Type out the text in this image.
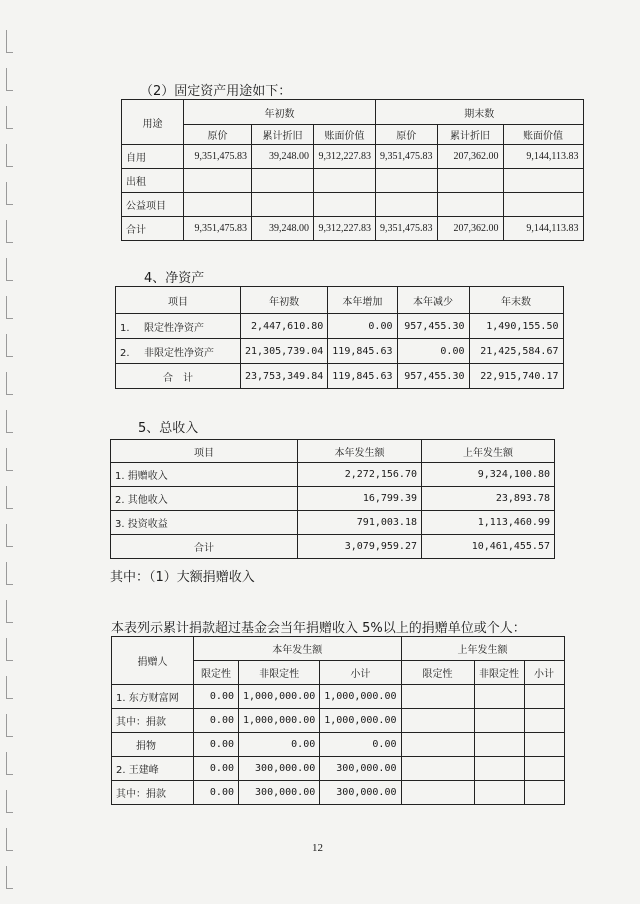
（2）固定资产用途如下：
用途	年初数			期末数		
	原价	累计折旧	账面价值	原价	累计折旧	账面价值
自用	9,351,475.83	39,248.00	9,312,227.83	9,351,475.83	207,362.00	9,144,113.83
出租						
公益项目						
合计	9,351,475.83	39,248.00	9,312,227.83	9,351,475.83	207,362.00	9,144,113.83
4、净资产
项目	年初数	本年增加	本年减少	年末数
1. 限定性净资产	2,447,610.80	0.00	957,455.30	1,490,155.50
2. 非限定性净资产	21,305,739.04	119,845.63	0.00	21,425,584.67
合　计	23,753,349.84	119,845.63	957,455.30	22,915,740.17
5、总收入
项目	本年发生额	上年发生额
1. 捐赠收入	2,272,156.70	9,324,100.80
2. 其他收入	16,799.39	23,893.78
3. 投资收益	791,003.18	1,113,460.99
合计	3,079,959.27	10,461,455.57
其中：（1）大额捐赠收入
本表列示累计捐款超过基金会当年捐赠收入 5%以上的捐赠单位或个人：
捐赠人	本年发生额			上年发生额		
	限定性	非限定性	小计	限定性	非限定性	小计
1. 东方财富网	0.00	1,000,000.00	1,000,000.00			
其中：捐款	0.00	1,000,000.00	1,000,000.00			
　　捐物	0.00	0.00	0.00			
2. 王建峰	0.00	300,000.00	300,000.00			
其中：捐款	0.00	300,000.00	300,000.00			
12
